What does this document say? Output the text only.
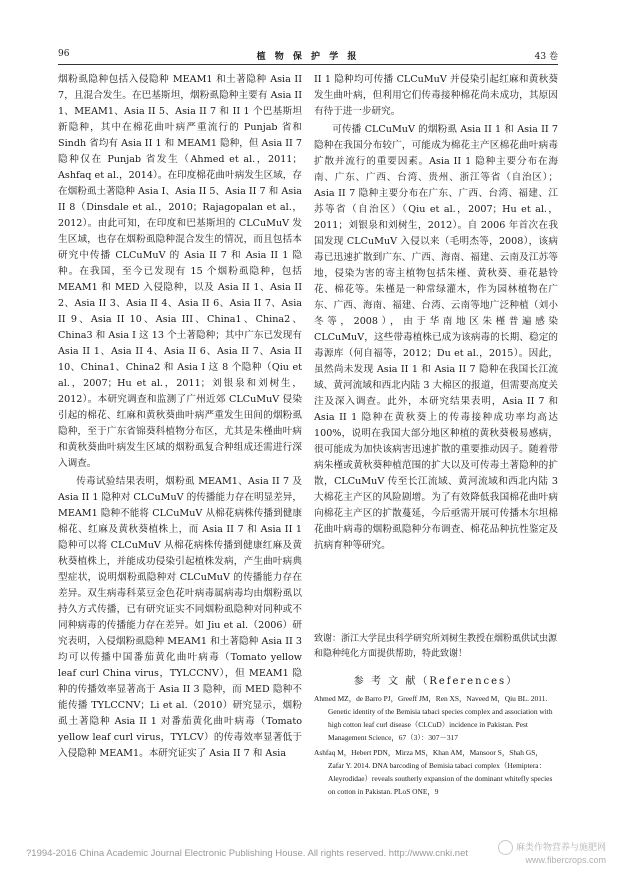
96	植 物 保 护 学 报	43 卷

烟粉虱隐种包括入侵隐种 MEAM1 和土著隐种 Asia II 7，且混合发生。在巴基斯坦，烟粉虱隐种主要有 Asia II 1、MEAM1、Asia II 5、Asia II 7 和 II 1 个巴基斯坦新隐种，其中在棉花曲叶病严重流行的 Punjab 省和 Sindh 省均有 Asia II 1 和 MEAM1 隐种，但 Asia II 7 隐种仅在 Punjab 省发生（Ahmed et al.，2011；Ashfaq et al.，2014）。在印度棉花曲叶病发生区域，存在烟粉虱土著隐种 Asia I、Asia II 5、Asia II 7 和 Asia II 8（Dinsdale et al.，2010；Rajagopalan et al.，2012）。由此可知，在印度和巴基斯坦的 CLCuMuV 发生区域，也存在烟粉虱隐种混合发生的情况，而且包括本研究中传播 CLCuMuV 的 Asia II 7 和 Asia II 1 隐种。在我国，至今已发现有 15 个烟粉虱隐种，包括 MEAM1 和 MED 入侵隐种，以及 Asia II 1、Asia II 2、Asia II 3、Asia II 4、Asia II 6、Asia II 7、Asia II 9、Asia II 10、Asia III、China1、China2、China3 和 Asia I 这 13 个土著隐种；其中广东已发现有 Asia II 1、Asia II 4、Asia II 6、Asia II 7、Asia II 10、China1、China2 和 Asia I 这 8 个隐种（Qiu et al.，2007；Hu et al.，2011；刘银泉和刘树生，2012）。本研究调查和监测了广州近郊 CLCuMuV 侵染引起的棉花、红麻和黄秋葵曲叶病严重发生田间的烟粉虱隐种，至于广东省锦葵科植物分布区，尤其是朱槿曲叶病和黄秋葵曲叶病发生区域的烟粉虱复合种组成还需进行深入调查。

传毒试验结果表明，烟粉虱 MEAM1、Asia II 7 及 Asia II 1 隐种对 CLCuMuV 的传播能力存在明显差异，MEAM1 隐种不能将 CLCuMuV 从棉花病株传播到健康棉花、红麻及黄秋葵植株上，而 Asia II 7 和 Asia II 1 隐种可以将 CLCuMuV 从棉花病株传播到健康红麻及黄秋葵植株上，并能成功侵染引起植株发病，产生曲叶病典型症状，说明烟粉虱隐种对 CLCuMuV 的传播能力存在差异。双生病毒科菜豆金色花叶病毒属病毒均由烟粉虱以持久方式传播，已有研究证实不同烟粉虱隐种对同种或不同种病毒的传播能力存在差异。如 Jiu et al.（2006）研究表明，入侵烟粉虱隐种 MEAM1 和土著隐种 Asia II 3 均可以传播中国番茄黄化曲叶病毒（Tomato yellow leaf curl China virus，TYLCCNV），但 MEAM1 隐种的传播效率显著高于 Asia II 3 隐种，而 MED 隐种不能传播 TYLCCNV；Li et al.（2010）研究显示，烟粉虱土著隐种 Asia II 1 对番茄黄化曲叶病毒（Tomato yellow leaf curl virus，TYLCV）的传毒效率显著低于入侵隐种 MEAM1。本研究证实了 Asia II 7 和 Asia

II 1 隐种均可传播 CLCuMuV 并侵染引起红麻和黄秋葵发生曲叶病，但利用它们传毒接种棉花尚未成功，其原因有待于进一步研究。

可传播 CLCuMuV 的烟粉虱 Asia II 1 和 Asia II 7 隐种在我国分布较广，可能成为棉花主产区棉花曲叶病毒扩散并流行的重要因素。Asia II 1 隐种主要分布在海南、广东、广西、台湾、贵州、浙江等省（自治区）；Asia II 7 隐种主要分布在广东、广西、台湾、福建、江苏等省（自治区）（Qiu et al.，2007；Hu et al.，2011；刘银泉和刘树生，2012）。自 2006 年首次在我国发现 CLCuMuV 入侵以来（毛明杰等，2008），该病毒已迅速扩散到广东、广西、海南、福建、云南及江苏等地，侵染为害的寄主植物包括朱槿、黄秋葵、垂花悬铃花、棉花等。朱槿是一种常绿灌木，作为园林植物在广东、广西、海南、福建、台湾、云南等地广泛种植（刘小冬等，2008），由于华南地区朱槿普遍感染 CLCuMuV，这些带毒植株已成为该病毒的长期、稳定的毒源库（何自福等，2012；Du et al.，2015）。因此，虽然尚未发现 Asia II 1 和 Asia II 7 隐种在我国长江流域、黄河流域和西北内陆 3 大棉区的报道，但需要高度关注及深入调查。此外，本研究结果表明，Asia II 7 和 Asia II 1 隐种在黄秋葵上的传毒接种成功率均高达 100%，说明在我国大部分地区种植的黄秋葵极易感病，很可能成为加快该病害迅速扩散的重要推动因子。随着带病朱槿或黄秋葵种植范围的扩大以及可传毒土著隐种的扩散，CLCuMuV 传至长江流域、黄河流域和西北内陆 3 大棉花主产区的风险剧增。为了有效降低我国棉花曲叶病向棉花主产区的扩散蔓延，今后亟需开展可传播木尔坦棉花曲叶病毒的烟粉虱隐种分布调查、棉花品种抗性鉴定及抗病育种等研究。

致谢：浙江大学昆虫科学研究所刘树生教授在烟粉虱供试虫源和隐种纯化方面提供帮助，特此致谢！

参 考 文 献（References）

Ahmed MZ，de Barro PJ，Greeff JM，Ren XS，Naveed M，Qiu BL. 2011. Genetic identity of the Bemisia tabaci species complex and association with high cotton leaf curl disease（CLCuD）incidence in Pakistan. Pest Management Science，67（3）：307－317

Ashfaq M，Hebert PDN，Mirza MS，Khan AM，Mansoor S，Shah GS，Zafar Y. 2014. DNA barcoding of Bemisia tabaci complex（Hemiptera：Aleyrodidae）reveals southerly expansion of the dominant whitefly species on cotton in Pakistan. PLoS ONE，9

?1994-2016 China Academic Journal Electronic Publishing House. All rights reserved. http://www.cnki.net
麻类作物营养与施肥网
www.fibercrops.com
